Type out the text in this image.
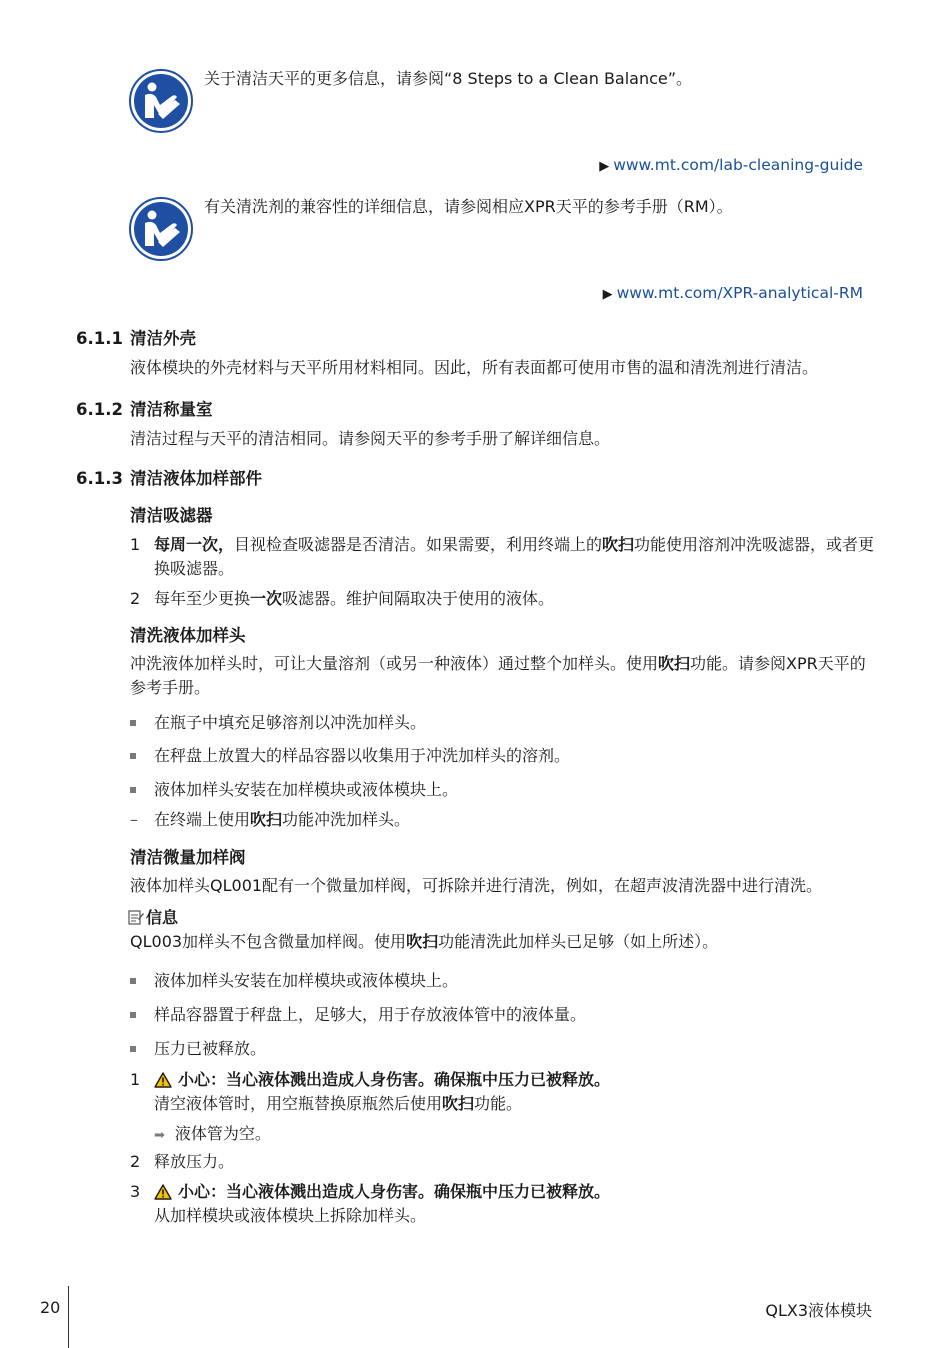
关于清洁天平的更多信息，请参阅“8 Steps to a Clean Balance”。
▶ www.mt.com/lab-cleaning-guide
有关清洗剂的兼容性的详细信息，请参阅相应XPR天平的参考手册（RM）。
▶ www.mt.com/XPR-analytical-RM
6.1.1 清洁外壳
液体模块的外壳材料与天平所用材料相同。因此，所有表面都可使用市售的温和清洗剂进行清洁。
6.1.2 清洁称量室
清洁过程与天平的清洁相同。请参阅天平的参考手册了解详细信息。
6.1.3 清洁液体加样部件
清洁吸滤器
1 每周一次，目视检查吸滤器是否清洁。如果需要，利用终端上的吹扫功能使用溶剂冲洗吸滤器，或者更换吸滤器。
2 每年至少更换一次吸滤器。维护间隔取决于使用的液体。
清洗液体加样头
冲洗液体加样头时，可让大量溶剂（或另一种液体）通过整个加样头。使用吹扫功能。请参阅XPR天平的参考手册。
在瓶子中填充足够溶剂以冲洗加样头。
在秤盘上放置大的样品容器以收集用于冲洗加样头的溶剂。
液体加样头安装在加样模块或液体模块上。
– 在终端上使用吹扫功能冲洗加样头。
清洁微量加样阀
液体加样头QL001配有一个微量加样阀，可拆除并进行清洗，例如，在超声波清洗器中进行清洗。
信息
QL003加样头不包含微量加样阀。使用吹扫功能清洗此加样头已足够（如上所述）。
液体加样头安装在加样模块或液体模块上。
样品容器置于秤盘上，足够大，用于存放液体管中的液体量。
压力已被释放。
1	小心：当心液体溅出造成人身伤害。确保瓶中压力已被释放。
清空液体管时，用空瓶替换原瓶然后使用吹扫功能。
➡ 液体管为空。
2 释放压力。
3	小心：当心液体溅出造成人身伤害。确保瓶中压力已被释放。
从加样模块或液体模块上拆除加样头。
20	QLX3液体模块
